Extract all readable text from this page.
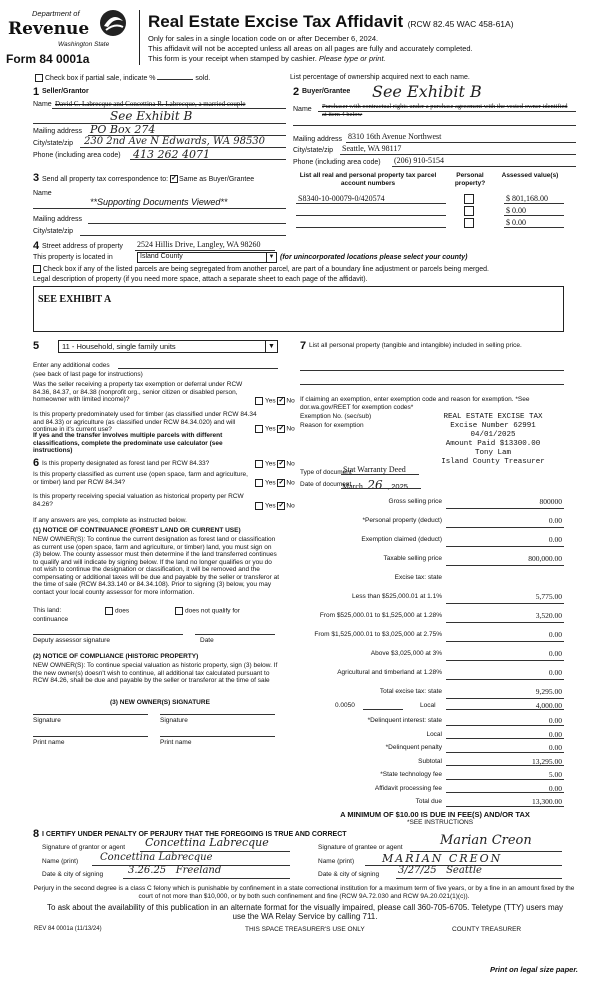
Department of
Revenue
Washington State
Form 84 0001a
Real Estate Excise Tax Affidavit (RCW 82.45 WAC 458-61A)
Only for sales in a single location code on or after December 6, 2024.
This affidavit will not be accepted unless all areas on all pages are fully and accurately completed.
This form is your receipt when stamped by cashier. Please type or print.
Check box if partial sale, indicate %	sold.	List percentage of ownership acquired next to each name.
1 Seller/Grantor
Name David C. Labrecque and Concettina R. Labrecque, a married couple
See Exhibit B
Mailing address PO Box 274
City/state/zip 230 2nd Ave N Edwards, WA 98530
Phone (including area code) 413 262 4071
2 Buyer/Grantee See Exhibit B
Name Purchaser with contractual rights under a purchase agreement with the vested owner identified at item 4 below
Mailing address 8310 16th Avenue Northwest
City/state/zip Seattle, WA 98117
Phone (including area code) (206) 910-5154
3 Send all property tax correspondence to: ✓ Same as Buyer/Grantee
Name
**Supporting Documents Viewed**
Mailing address
City/state/zip
List all real and personal property tax parcel account numbers
Personal property?
Assessed value(s)
S8340-10-00079-0/420574	$ 801,168.00
$ 0.00
$ 0.00
4 Street address of property 2524 Hillis Drive, Langley, WA 98260
This property is located in	Island County	▼ (for unincorporated locations please select your county)
Check box if any of the listed parcels are being segregated from another parcel, are part of a boundary line adjustment or parcels being merged.
Legal description of property (if you need more space, attach a separate sheet to each page of the affidavit).
SEE EXHIBIT A
5	11 - Household, single family units	▼
Enter any additional codes
(see back of last page for instructions)
Was the seller receiving a property tax exemption or deferral under RCW 84.36, 84.37, or 84.38 (nonprofit org., senior citizen or disabled person, homeowner with limited income)?	Yes ✓ No
Is this property predominately used for timber (as classified under RCW 84.34 and 84.33) or agriculture (as classified under RCW 84.34.020) and will continue in it's current use?
If yes and the transfer involves multiple parcels with different classifications, complete the predominate use calculator (see instructions)
Yes ✓ No
6 Is this property designated as forest land per RCW 84.33?	Yes ✓ No
Is this property classified as current use (open space, farm and agriculture, or timber) land per RCW 84.34?	Yes ✓ No
Is this property receiving special valuation as historical property per RCW 84.26?	Yes ✓ No
If any answers are yes, complete as instructed below.
(1) NOTICE OF CONTINUANCE (FOREST LAND OR CURRENT USE)
NEW OWNER(S): To continue the current designation as forest land or classification as current use (open space, farm and agriculture, or timber) land, you must sign on (3) below. The county assessor must then determine if the land transferred continues to qualify and will indicate by signing below. If the land no longer qualifies or you do not wish to continue the designation or classification, it will be removed and the compensating or additional taxes will be due and payable by the seller or transferor at the time of sale (RCW 84.33.140 or 84.34.108). Prior to signing (3) below, you may contact your local county assessor for more information.
This land:	does	does not qualify for
continuance
Deputy assessor signature	Date
(2) NOTICE OF COMPLIANCE (HISTORIC PROPERTY)
NEW OWNER(S): To continue special valuation as historic property, sign (3) below. If the new owner(s) doesn't wish to continue, all additional tax calculated pursuant to RCW 84.26, shall be due and payable by the seller or transferor at the time of sale
(3) NEW OWNER(S) SIGNATURE
Signature	Signature
Print name	Print name
7 List all personal property (tangible and intangible) included in selling price.
If claiming an exemption, enter exemption code and reason for exemption. *See dor.wa.gov/REET for exemption codes*
Exemption No. (sec/sub)
Reason for exemption
REAL ESTATE EXCISE TAX
Excise Number 62991
04/01/2025
Amount Paid $13300.00
Tony Lam
Island County Treasurer
Type of document
Stat Warranty Deed
Date of document
March 26 , 2025
Gross selling price	800000
*Personal property (deduct)	0.00
Exemption claimed (deduct)	0.00
Taxable selling price	800,000.00
Excise tax: state
Less than $525,000.01 at 1.1%	5,775.00
From $525,000.01 to $1,525,000 at 1.28%	3,520.00
From $1,525,000.01 to $3,025,000 at 2.75%	0.00
Above $3,025,000 at 3%	0.00
Agricultural and timberland at 1.28%	0.00
Total excise tax: state	9,295.00
0.0050	Local	4,000.00
*Delinquent interest: state	0.00
Local	0.00
*Delinquent penalty	0.00
Subtotal	13,295.00
*State technology fee	5.00
Affidavit processing fee	0.00
Total due	13,300.00
A MINIMUM OF $10.00 IS DUE IN FEE(S) AND/OR TAX
*SEE INSTRUCTIONS
8 I CERTIFY UNDER PENALTY OF PERJURY THAT THE FOREGOING IS TRUE AND CORRECT
Signature of grantor or agent Concettina Labrecque
Name (print) Concettina Labrecque
Date & city of signing 3.26.25   Freeland
Signature of grantee or agent	Marian Creon
Name (print)	MARIAN CREON
Date & city of signing 3/27/25   Seattle
Perjury in the second degree is a class C felony which is punishable by confinement in a state correctional institution for a maximum term of five years, or by a fine in an amount fixed by the court of not more than $10,000, or by both such confinement and fine (RCW 9A.72.030 and RCW 9A.20.021(1)(c)).
To ask about the availability of this publication in an alternate format for the visually impaired, please call 360-705-6705. Teletype (TTY) users may use the WA Relay Service by calling 711.
REV 84 0001a (11/13/24)	THIS SPACE TREASURER'S USE ONLY	COUNTY TREASURER
Print on legal size paper.
